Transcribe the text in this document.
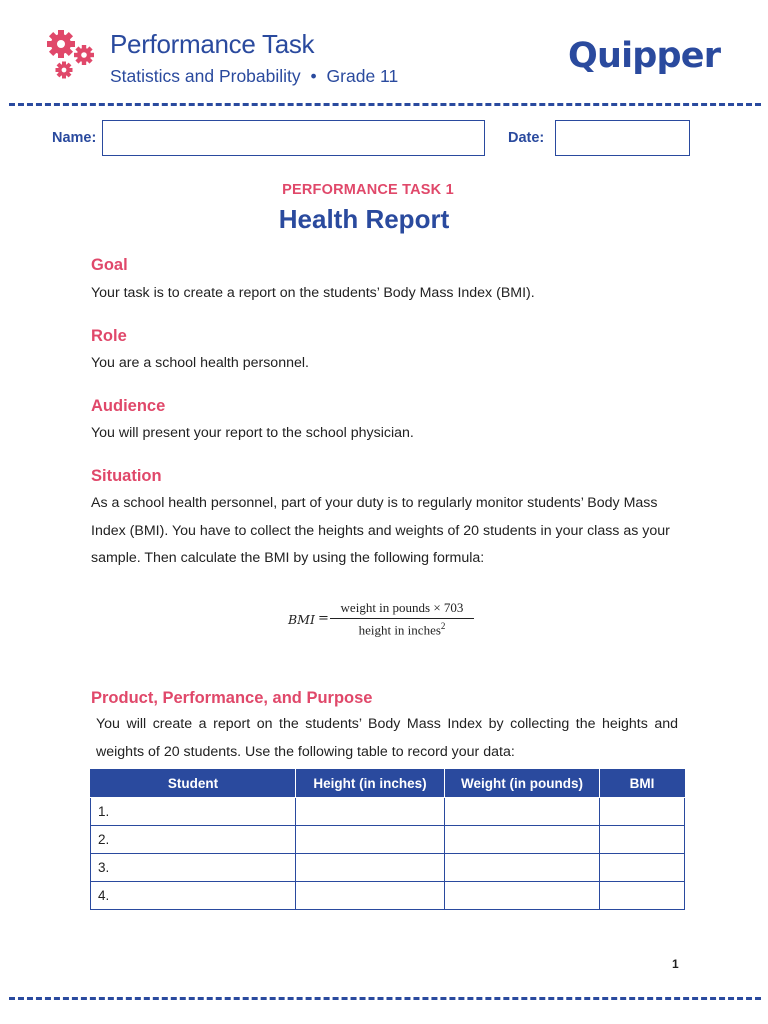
Performance Task
Statistics and Probability • Grade 11	Quipper
Name:	Date:
PERFORMANCE TASK 1
Health Report
Goal

Your task is to create a report on the students’ Body Mass Index (BMI).

Role

You are a school health personnel.

Audience

You will present your report to the school physician.

Situation

As a school health personnel, part of your duty is to regularly monitor students’ Body Mass Index (BMI). You have to collect the heights and weights of 20 students in your class as your sample. Then calculate the BMI by using the following formula:

BMI =
weight in pounds × 703
height in inches$^2$
Product, Performance, and Purpose

You will create a report on the students’ Body Mass Index by collecting the heights and weights of 20 students. Use the following table to record your data:

Student	Height (in inches)	Weight (in pounds)	BMI
1.			
2.			
3.			
4.			
1
